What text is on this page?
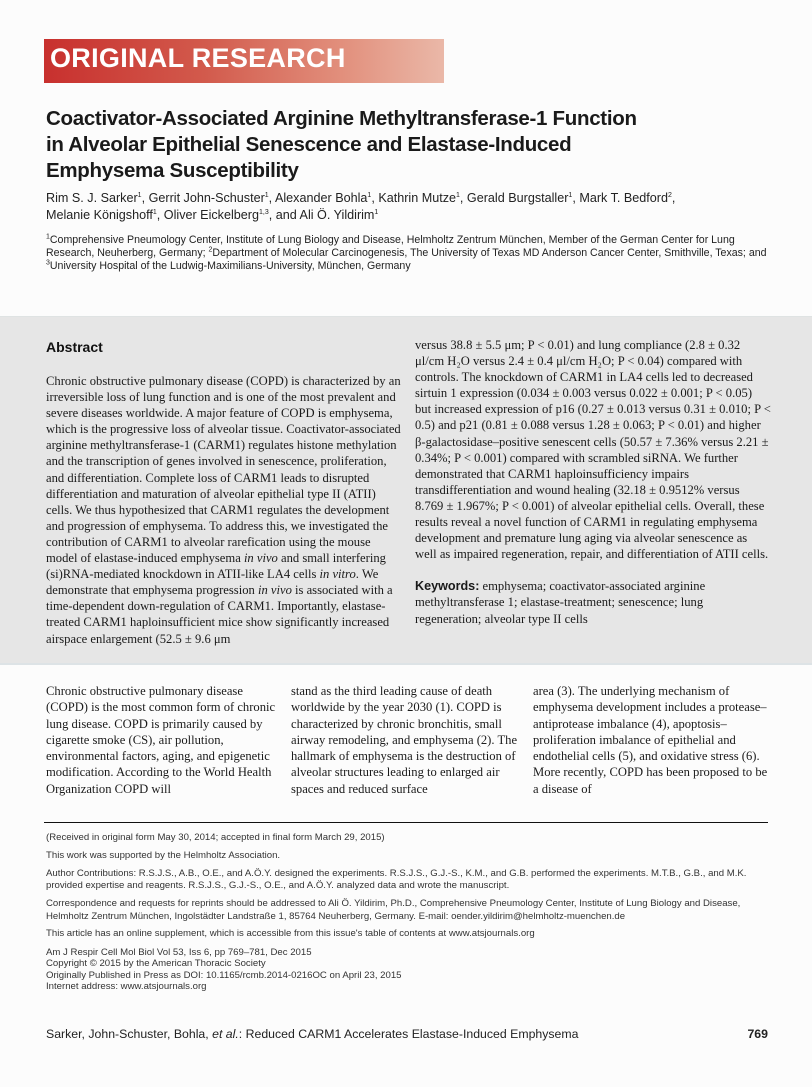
ORIGINAL RESEARCH
Coactivator-Associated Arginine Methyltransferase-1 Function
in Alveolar Epithelial Senescence and Elastase-Induced
Emphysema Susceptibility
Rim S. J. Sarker$^1$, Gerrit John-Schuster$^1$, Alexander Bohla$^1$, Kathrin Mutze$^1$, Gerald Burgstaller$^1$, Mark T. Bedford$^2$,
Melanie Königshoff$^1$, Oliver Eickelberg$^{1,3}$, and Ali Ö. Yildirim$^1$
$^1$Comprehensive Pneumology Center, Institute of Lung Biology and Disease, Helmholtz Zentrum München, Member of the German Center for Lung Research, Neuherberg, Germany; $^2$Department of Molecular Carcinogenesis, The University of Texas MD Anderson Cancer Center, Smithville, Texas; and $^3$University Hospital of the Ludwig-Maximilians-University, München, Germany
Abstract
Chronic obstructive pulmonary disease (COPD) is characterized by an irreversible loss of lung function and is one of the most prevalent and severe diseases worldwide. A major feature of COPD is emphysema, which is the progressive loss of alveolar tissue. Coactivator-associated arginine methyltransferase-1 (CARM1) regulates histone methylation and the transcription of genes involved in senescence, proliferation, and differentiation. Complete loss of CARM1 leads to disrupted differentiation and maturation of alveolar epithelial type II (ATII) cells. We thus hypothesized that CARM1 regulates the development and progression of emphysema. To address this, we investigated the contribution of CARM1 to alveolar rarefication using the mouse model of elastase-induced emphysema in vivo and small interfering (si)RNA-mediated knockdown in ATII-like LA4 cells in vitro. We demonstrate that emphysema progression in vivo is associated with a time-dependent down-regulation of CARM1. Importantly, elastase-treated CARM1 haploinsufficient mice show significantly increased airspace enlargement (52.5 ± 9.6 μm
versus 38.8 ± 5.5 μm; P < 0.01) and lung compliance (2.8 ± 0.32 μl/cm H₂O versus 2.4 ± 0.4 μl/cm H₂O; P < 0.04) compared with controls. The knockdown of CARM1 in LA4 cells led to decreased sirtuin 1 expression (0.034 ± 0.003 versus 0.022 ± 0.001; P < 0.05) but increased expression of p16 (0.27 ± 0.013 versus 0.31 ± 0.010; P < 0.5) and p21 (0.81 ± 0.088 versus 1.28 ± 0.063; P < 0.01) and higher β-galactosidase–positive senescent cells (50.57 ± 7.36% versus 2.21 ± 0.34%; P < 0.001) compared with scrambled siRNA. We further demonstrated that CARM1 haploinsufficiency impairs transdifferentiation and wound healing (32.18 ± 0.9512% versus 8.769 ± 1.967%; P < 0.001) of alveolar epithelial cells. Overall, these results reveal a novel function of CARM1 in regulating emphysema development and premature lung aging via alveolar senescence as well as impaired regeneration, repair, and differentiation of ATII cells.
Keywords: emphysema; coactivator-associated arginine methyltransferase 1; elastase-treatment; senescence; lung regeneration; alveolar type II cells
Chronic obstructive pulmonary disease (COPD) is the most common form of chronic lung disease. COPD is primarily caused by cigarette smoke (CS), air pollution, environmental factors, aging, and epigenetic modification. According to the World Health Organization COPD will
stand as the third leading cause of death worldwide by the year 2030 (1). COPD is characterized by chronic bronchitis, small airway remodeling, and emphysema (2). The hallmark of emphysema is the destruction of alveolar structures leading to enlarged air spaces and reduced surface
area (3). The underlying mechanism of emphysema development includes a protease–antiprotease imbalance (4), apoptosis–proliferation imbalance of epithelial and endothelial cells (5), and oxidative stress (6). More recently, COPD has been proposed to be a disease of

(Received in original form May 30, 2014; accepted in final form March 29, 2015)

This work was supported by the Helmholtz Association.

Author Contributions: R.S.J.S., A.B., O.E., and A.Ö.Y. designed the experiments. R.S.J.S., G.J.-S., K.M., and G.B. performed the experiments. M.T.B., G.B., and M.K. provided expertise and reagents. R.S.J.S., G.J.-S., O.E., and A.Ö.Y. analyzed data and wrote the manuscript.

Correspondence and requests for reprints should be addressed to Ali Ö. Yildirim, Ph.D., Comprehensive Pneumology Center, Institute of Lung Biology and Disease, Helmholtz Zentrum München, Ingolstädter Landstraße 1, 85764 Neuherberg, Germany. E-mail: oender.yildirim@helmholtz-muenchen.de

This article has an online supplement, which is accessible from this issue's table of contents at www.atsjournals.org

Am J Respir Cell Mol Biol Vol 53, Iss 6, pp 769–781, Dec 2015
Copyright © 2015 by the American Thoracic Society
Originally Published in Press as DOI: 10.1165/rcmb.2014-0216OC on April 23, 2015
Internet address: www.atsjournals.org
Sarker, John-Schuster, Bohla, et al.: Reduced CARM1 Accelerates Elastase-Induced Emphysema	769
